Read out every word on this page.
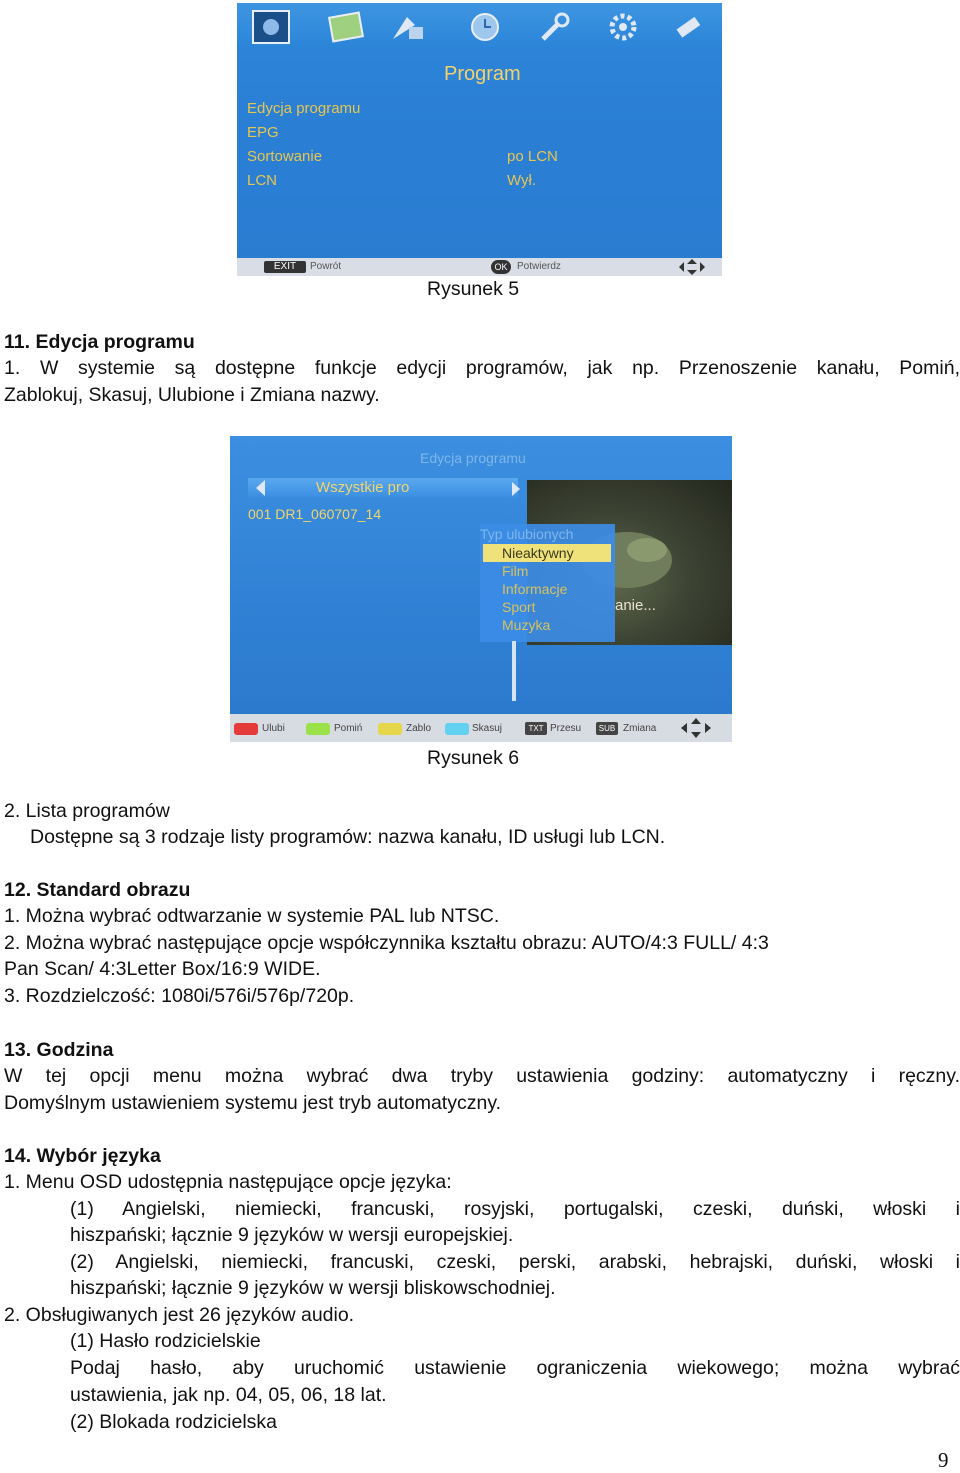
Program
Edycja programu
EPG
Sortowanie	po LCN
LCN	Wył.
EXIT	Powrót	OK Potwierdz
Rysunek 5
11. Edycja programu
1. W systemie są dostępne funkcje edycji programów, jak np. Przenoszenie kanału, Pomiń,
Zablokuj, Skasuj, Ulubione i Zmiana nazwy.
Edycja programu
Wszystkie pro
001 DR1_060707_14
anie...
Typ ulubionych
Nieaktywny
Film
Informacje
Sport
Muzyka
Ulubi	Pomiń	Zablo	Skasuj	TXT Przesu	SUB Zmiana
Rysunek 6
2. Lista programów
Dostępne są 3 rodzaje listy programów: nazwa kanału, ID usługi lub LCN.
12. Standard obrazu
1. Można wybrać odtwarzanie w systemie PAL lub NTSC.
2. Można wybrać następujące opcje współczynnika kształtu obrazu: AUTO/4:3 FULL/ 4:3
Pan Scan/ 4:3Letter Box/16:9 WIDE.
3. Rozdzielczość: 1080i/576i/576p/720p.
13. Godzina
W tej opcji menu można wybrać dwa tryby ustawienia godziny: automatyczny i ręczny.
Domyślnym ustawieniem systemu jest tryb automatyczny.
14. Wybór języka
1. Menu OSD udostępnia następujące opcje języka:
(1) Angielski, niemiecki, francuski, rosyjski, portugalski, czeski, duński, włoski i
hiszpański; łącznie 9 języków w wersji europejskiej.
(2) Angielski, niemiecki, francuski, czeski, perski, arabski, hebrajski, duński, włoski i
hiszpański; łącznie 9 języków w wersji bliskowschodniej.
2. Obsługiwanych jest 26 języków audio.
(1) Hasło rodzicielskie
Podaj hasło, aby uruchomić ustawienie ograniczenia wiekowego; można wybrać
ustawienia, jak np. 04, 05, 06, 18 lat.
(2) Blokada rodzicielska
9
